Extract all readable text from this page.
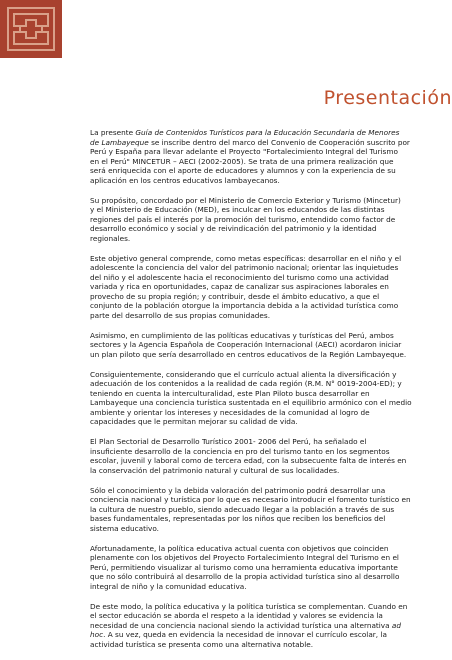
Presentación
La presente Guía de Contenidos Turísticos para la Educación Secundaria de Menores
de Lambayeque se inscribe dentro del marco del Convenio de Cooperación suscrito por
Perú y España para llevar adelante el Proyecto "Fortalecimiento Integral del Turismo
en el Perú" MINCETUR – AECI (2002-2005). Se trata de una primera realización que
será enriquecida con el aporte de educadores y alumnos y con la experiencia de su
aplicación en los centros educativos lambayecanos.
Su propósito, concordado por el Ministerio de Comercio Exterior y Turismo (Mincetur)
y el Ministerio de Educación (MED), es inculcar en los educandos de las distintas
regiones del país el interés por la promoción del turismo, entendido como factor de
desarrollo económico y social y de reivindicación del patrimonio y la identidad
regionales.
Este objetivo general comprende, como metas específicas: desarrollar en el niño y el
adolescente la conciencia del valor del patrimonio nacional; orientar las inquietudes
del niño y el adolescente hacia el reconocimiento del turismo como una actividad
variada y rica en oportunidades, capaz de canalizar sus aspiraciones laborales en
provecho de su propia región; y contribuir, desde el ámbito educativo, a que el
conjunto de la población otorgue la importancia debida a la actividad turística como
parte del desarrollo de sus propias comunidades.
Asimismo, en cumplimiento de las políticas educativas y turísticas del Perú, ambos
sectores y la Agencia Española de Cooperación Internacional (AECI) acordaron iniciar
un plan piloto que sería desarrollado en centros educativos de la Región Lambayeque.
Consiguientemente, considerando que el currículo actual alienta la diversificación y
adecuación de los contenidos a la realidad de cada región (R.M. N° 0019-2004-ED); y
teniendo en cuenta la interculturalidad, este Plan Piloto busca desarrollar en
Lambayeque una conciencia turística sustentada en el equilibrio armónico con el medio
ambiente y orientar los intereses y necesidades de la comunidad al logro de
capacidades que le permitan mejorar su calidad de vida.
El Plan Sectorial de Desarrollo Turístico 2001- 2006 del Perú, ha señalado el
insuficiente desarrollo de la conciencia en pro del turismo tanto en los segmentos
escolar, juvenil y laboral como de tercera edad, con la subsecuente falta de interés en
la conservación del patrimonio natural y cultural de sus localidades.
Sólo el conocimiento y la debida valoración del patrimonio podrá desarrollar una
conciencia nacional y turística por lo que es necesario introducir el fomento turístico en
la cultura de nuestro pueblo, siendo adecuado llegar a la población a través de sus
bases fundamentales, representadas por los niños que reciben los beneficios del
sistema educativo.
Afortunadamente, la política educativa actual cuenta con objetivos que coinciden
plenamente con los objetivos del Proyecto Fortalecimiento Integral del Turismo en el
Perú, permitiendo visualizar al turismo como una herramienta educativa importante
que no sólo contribuirá al desarrollo de la propia actividad turística sino al desarrollo
integral de niño y la comunidad educativa.
De este modo, la política educativa y la política turística se complementan. Cuando en
el sector educación se aborda el respeto a la identidad y valores se evidencia la
necesidad de una conciencia nacional siendo la actividad turística una alternativa ad
hoc. A su vez, queda en evidencia la necesidad de innovar el currículo escolar, la
actividad turística se presenta como una alternativa notable.
